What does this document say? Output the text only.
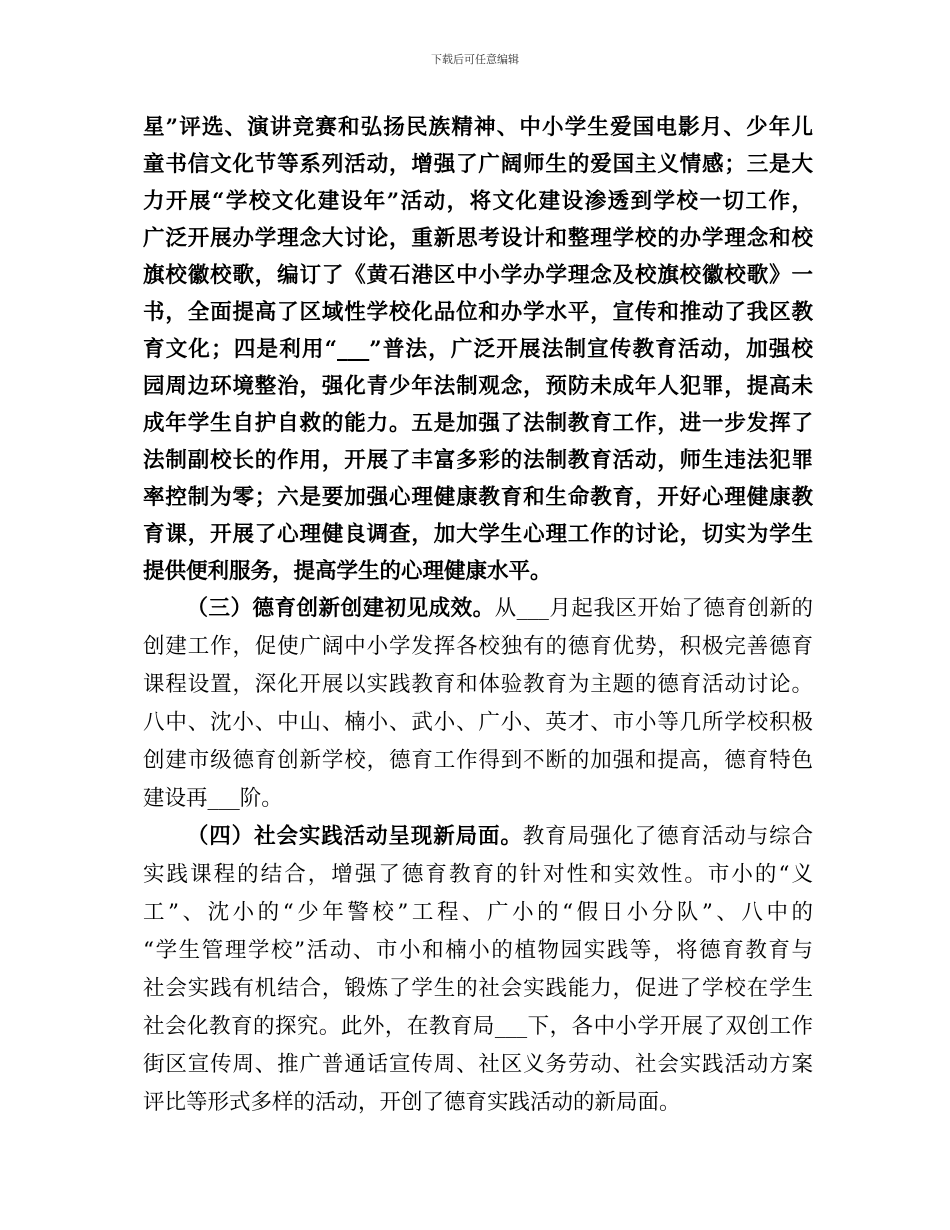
下载后可任意编辑
星”评选、演讲竞赛和弘扬民族精神、中小学生爱国电影月、少年儿
童书信文化节等系列活动，增强了广阔师生的爱国主义情感；三是大
力开展“学校文化建设年”活动，将文化建设渗透到学校一切工作，
广泛开展办学理念大讨论，重新思考设计和整理学校的办学理念和校
旗校徽校歌，编订了《黄石港区中小学办学理念及校旗校徽校歌》一
书，全面提高了区域性学校化品位和办学水平，宣传和推动了我区教
育文化；四是利用“___”普法，广泛开展法制宣传教育活动，加强校
园周边环境整治，强化青少年法制观念，预防未成年人犯罪，提高未
成年学生自护自救的能力。五是加强了法制教育工作，进一步发挥了
法制副校长的作用，开展了丰富多彩的法制教育活动，师生违法犯罪
率控制为零；六是要加强心理健康教育和生命教育，开好心理健康教
育课，开展了心理健良调查，加大学生心理工作的讨论，切实为学生
提供便利服务，提高学生的心理健康水平。
（三）德育创新创建初见成效。从___月起我区开始了德育创新的
创建工作，促使广阔中小学发挥各校独有的德育优势，积极完善德育
课程设置，深化开展以实践教育和体验教育为主题的德育活动讨论。
八中、沈小、中山、楠小、武小、广小、英才、市小等几所学校积极
创建市级德育创新学校，德育工作得到不断的加强和提高，德育特色
建设再___阶。
（四）社会实践活动呈现新局面。教育局强化了德育活动与综合
实践课程的结合，增强了德育教育的针对性和实效性。市小的“义
工”、沈小的“少年警校”工程、广小的“假日小分队”、八中的
“学生管理学校”活动、市小和楠小的植物园实践等，将德育教育与
社会实践有机结合，锻炼了学生的社会实践能力，促进了学校在学生
社会化教育的探究。此外，在教育局___下，各中小学开展了双创工作
街区宣传周、推广普通话宣传周、社区义务劳动、社会实践活动方案
评比等形式多样的活动，开创了德育实践活动的新局面。
